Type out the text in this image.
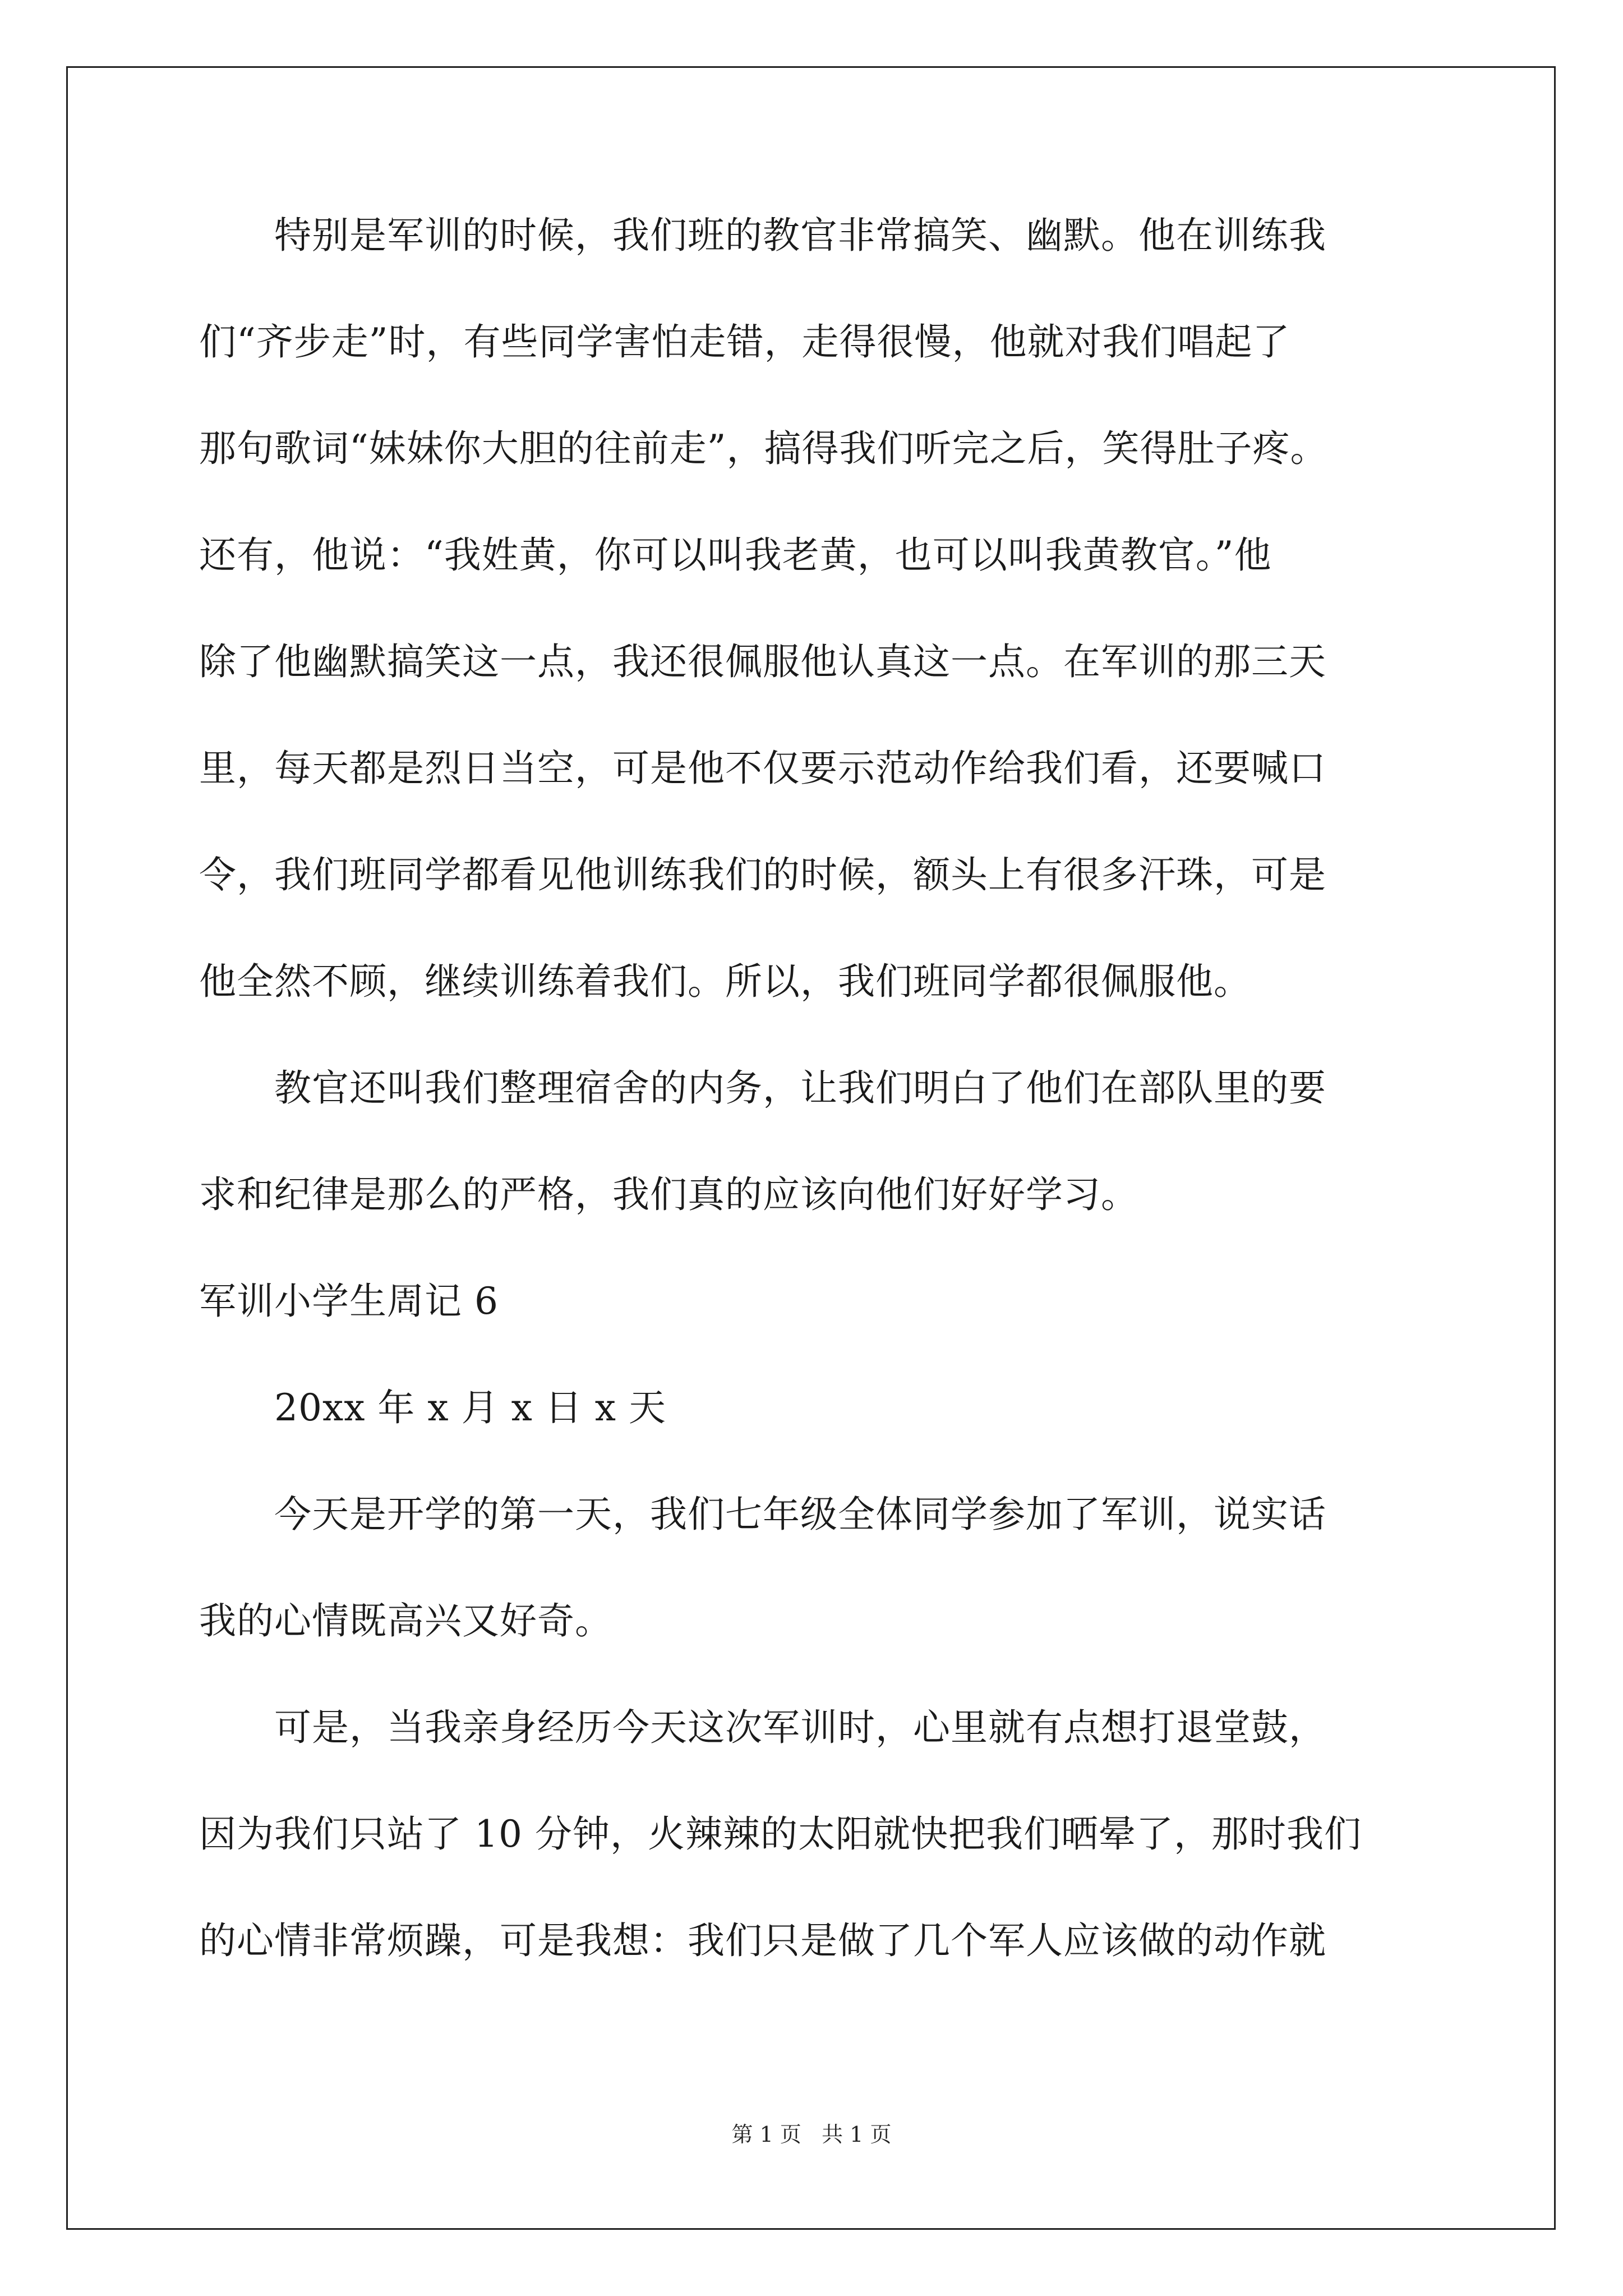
　　特别是军训的时候，我们班的教官非常搞笑、幽默。他在训练我
们“齐步走”时，有些同学害怕走错，走得很慢，他就对我们唱起了
那句歌词“妹妹你大胆的往前走”，搞得我们听完之后，笑得肚子疼。
还有，他说：“我姓黄，你可以叫我老黄，也可以叫我黄教官。”他
除了他幽默搞笑这一点，我还很佩服他认真这一点。在军训的那三天
里，每天都是烈日当空，可是他不仅要示范动作给我们看，还要喊口
令，我们班同学都看见他训练我们的时候，额头上有很多汗珠，可是
他全然不顾，继续训练着我们。所以，我们班同学都很佩服他。
　　教官还叫我们整理宿舍的内务，让我们明白了他们在部队里的要
求和纪律是那么的严格，我们真的应该向他们好好学习。
军训小学生周记 6
　　20xx 年 x 月 x 日 x 天
　　今天是开学的第一天，我们七年级全体同学参加了军训，说实话
我的心情既高兴又好奇。
　　可是，当我亲身经历今天这次军训时，心里就有点想打退堂鼓，
因为我们只站了 10 分钟，火辣辣的太阳就快把我们晒晕了，那时我们
的心情非常烦躁，可是我想：我们只是做了几个军人应该做的动作就
第 1 页   共 1 页
